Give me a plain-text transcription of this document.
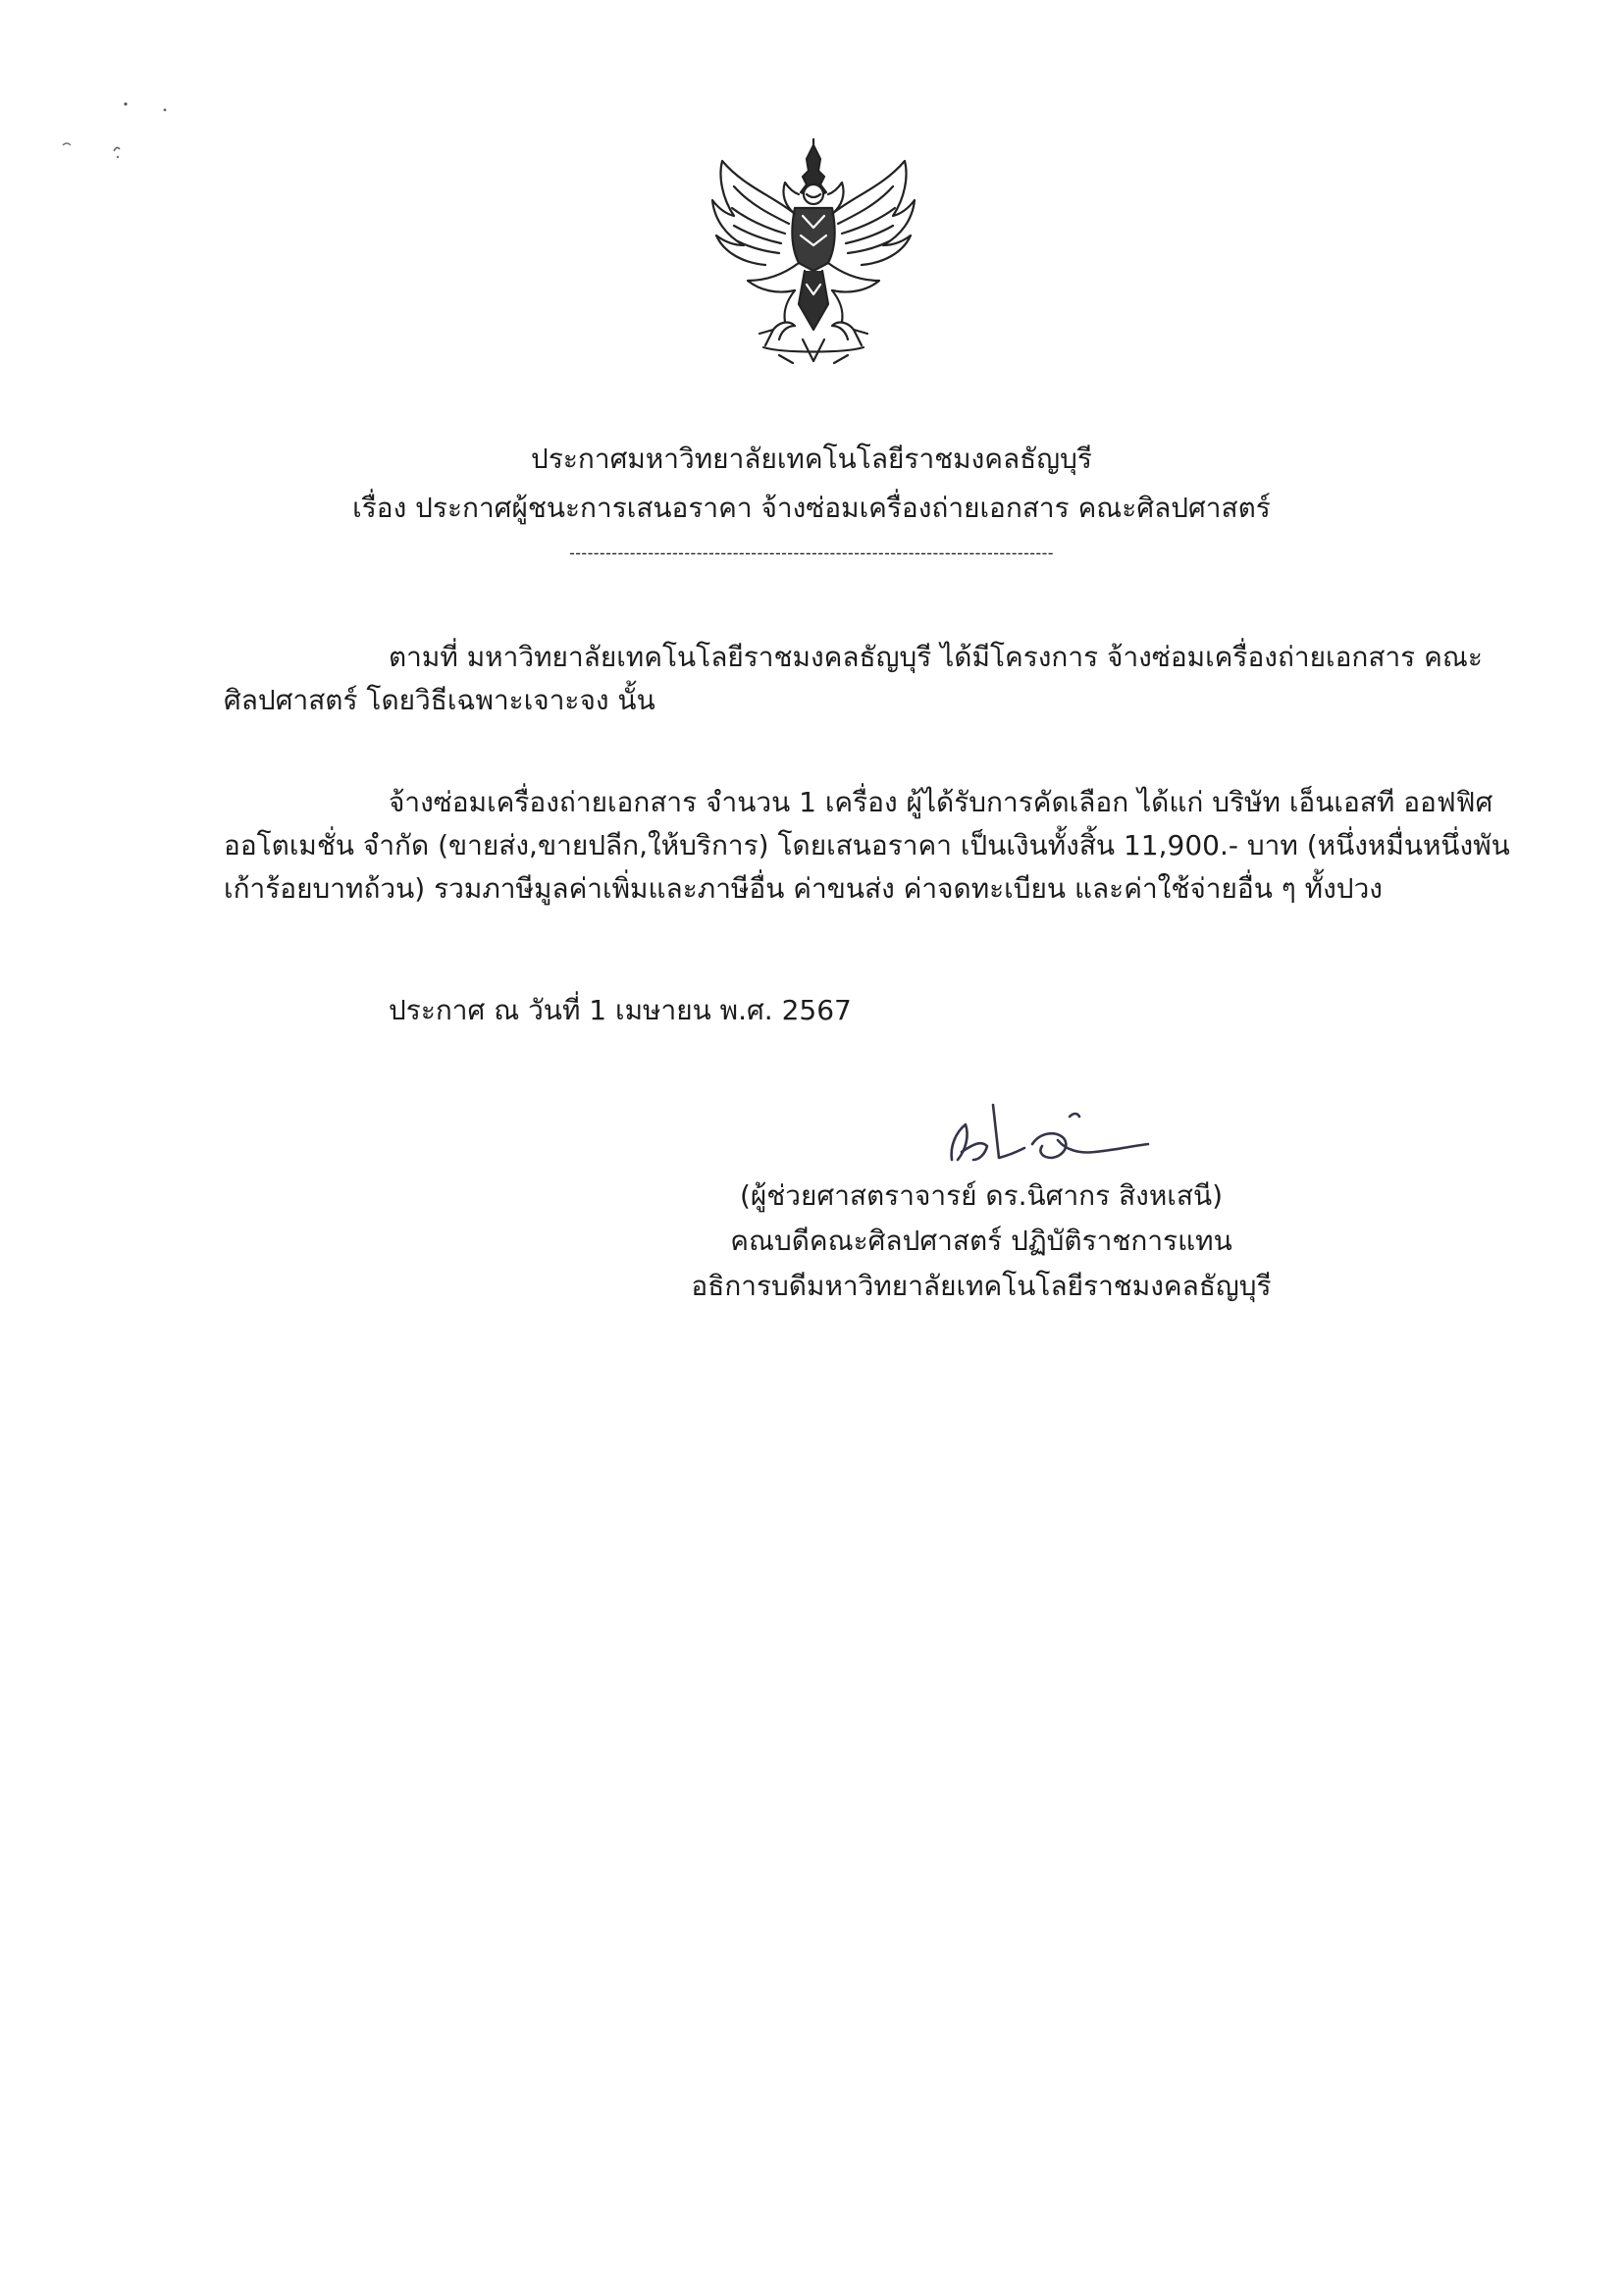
ประกาศมหาวิทยาลัยเทคโนโลยีราชมงคลธัญบุรี
เรื่อง ประกาศผู้ชนะการเสนอราคา จ้างซ่อมเครื่องถ่ายเอกสาร คณะศิลปศาสตร์
--------------------------------------------------------------------------------
ตามที่ มหาวิทยาลัยเทคโนโลยีราชมงคลธัญบุรี ได้มีโครงการ จ้างซ่อมเครื่องถ่ายเอกสาร คณะ
ศิลปศาสตร์ โดยวิธีเฉพาะเจาะจง นั้น
จ้างซ่อมเครื่องถ่ายเอกสาร จำนวน 1 เครื่อง ผู้ได้รับการคัดเลือก ได้แก่ บริษัท เอ็นเอสที ออฟฟิศ
ออโตเมชั่น จำกัด (ขายส่ง,ขายปลีก,ให้บริการ) โดยเสนอราคา เป็นเงินทั้งสิ้น 11,900.- บาท (หนึ่งหมื่นหนึ่งพัน
เก้าร้อยบาทถ้วน) รวมภาษีมูลค่าเพิ่มและภาษีอื่น ค่าขนส่ง ค่าจดทะเบียน และค่าใช้จ่ายอื่น ๆ ทั้งปวง
ประกาศ ณ วันที่ 1 เมษายน พ.ศ. 2567
(ผู้ช่วยศาสตราจารย์ ดร.นิศากร สิงหเสนี)
คณบดีคณะศิลปศาสตร์ ปฏิบัติราชการแทน
อธิการบดีมหาวิทยาลัยเทคโนโลยีราชมงคลธัญบุรี
